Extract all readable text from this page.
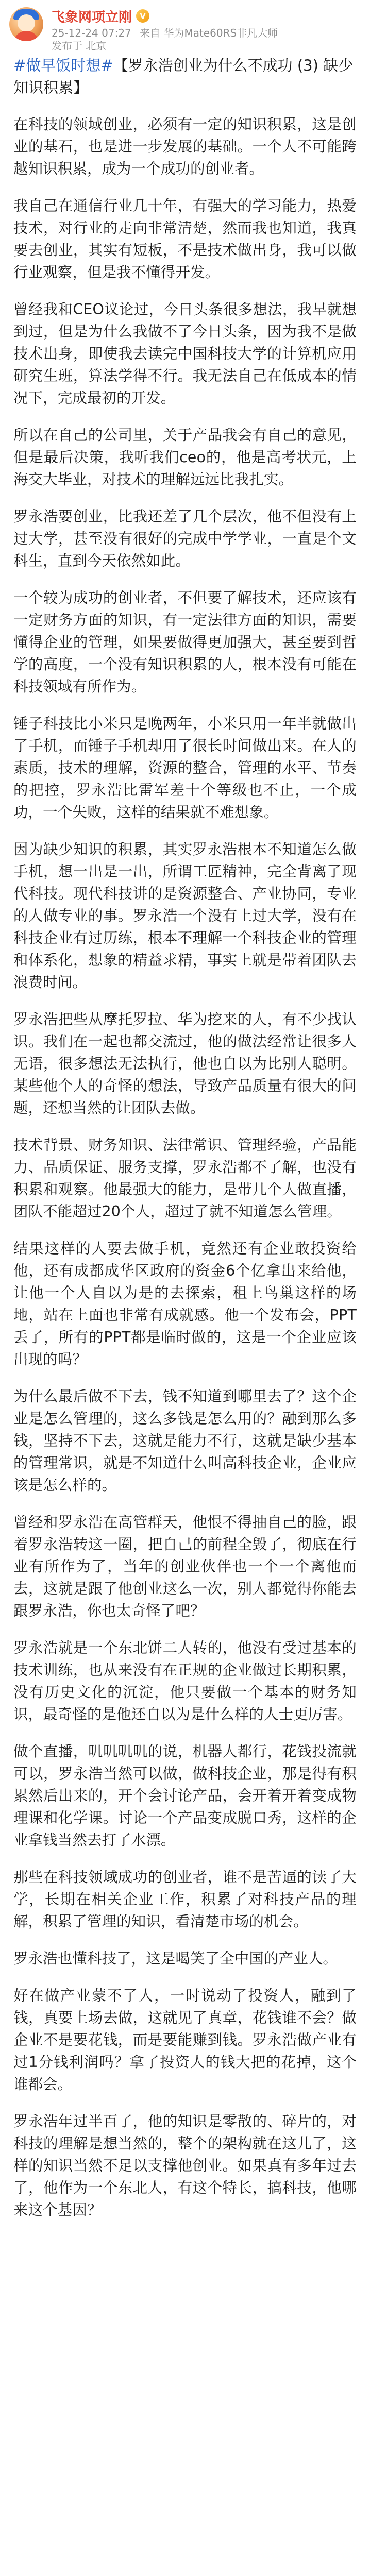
飞象网项立刚	V
25-12-24 07:27 来自 华为Mate60RS非凡大师
发布于 北京

#做早饭时想#【罗永浩创业为什么不成功 (3) 缺少知识积累】

在科技的领域创业，必须有一定的知识积累，这是创业的基石，也是进一步发展的基础。一个人不可能跨越知识积累，成为一个成功的创业者。

我自己在通信行业几十年，有强大的学习能力，热爱技术，对行业的走向非常清楚，然而我也知道，我真要去创业，其实有短板，不是技术做出身，我可以做行业观察，但是我不懂得开发。

曾经我和CEO议论过，今日头条很多想法，我早就想到过，但是为什么我做不了今日头条，因为我不是做技术出身，即使我去读完中国科技大学的计算机应用研究生班，算法学得不行。我无法自己在低成本的情况下，完成最初的开发。

所以在自己的公司里，关于产品我会有自己的意见，但是最后决策，我听我们ceo的，他是高考状元，上海交大毕业，对技术的理解远远比我扎实。

罗永浩要创业，比我还差了几个层次，他不但没有上过大学，甚至没有很好的完成中学学业，一直是个文科生，直到今天依然如此。

一个较为成功的创业者，不但要了解技术，还应该有一定财务方面的知识，有一定法律方面的知识，需要懂得企业的管理，如果要做得更加强大，甚至要到哲学的高度，一个没有知识积累的人，根本没有可能在科技领域有所作为。

锤子科技比小米只是晚两年，小米只用一年半就做出了手机，而锤子手机却用了很长时间做出来。在人的素质，技术的理解，资源的整合，管理的水平、节奏的把控，罗永浩比雷军差十个等级也不止，一个成功，一个失败，这样的结果就不难想象。

因为缺少知识的积累，其实罗永浩根本不知道怎么做手机，想一出是一出，所谓工匠精神，完全背离了现代科技。现代科技讲的是资源整合、产业协同，专业的人做专业的事。罗永浩一个没有上过大学，没有在科技企业有过历练，根本不理解一个科技企业的管理和体系化，想象的精益求精，事实上就是带着团队去浪费时间。

罗永浩把些从摩托罗拉、华为挖来的人，有不少找认识。我们在一起也都交流过，他的做法经常让很多人无语，很多想法无法执行，他也自以为比别人聪明。某些他个人的奇怪的想法，导致产品质量有很大的问题，还想当然的让团队去做。

技术背景、财务知识、法律常识、管理经验，产品能力、品质保证、服务支撑，罗永浩都不了解，也没有积累和观察。他最强大的能力，是带几个人做直播，团队不能超过20个人，超过了就不知道怎么管理。

结果这样的人要去做手机，竟然还有企业敢投资给他，还有成都成华区政府的资金6个亿拿出来给他，让他一个人自以为是的去探索，租上鸟巢这样的场地，站在上面也非常有成就感。他一个发布会，PPT丢了，所有的PPT都是临时做的，这是一个企业应该出现的吗？

为什么最后做不下去，钱不知道到哪里去了？这个企业是怎么管理的，这么多钱是怎么用的？融到那么多钱，坚持不下去，这就是能力不行，这就是缺少基本的管理常识，就是不知道什么叫高科技企业，企业应该是怎么样的。

曾经和罗永浩在高管群天，他恨不得抽自己的脸，跟着罗永浩转这一圈，把自己的前程全毁了，彻底在行业有所作为了，当年的创业伙伴也一个一个离他而去，这就是跟了他创业这么一次，别人都觉得你能去跟罗永浩，你也太奇怪了吧？

罗永浩就是一个东北饼二人转的，他没有受过基本的技术训练，也从来没有在正规的企业做过长期积累，没有历史文化的沉淀，他只要做一个基本的财务知识，最奇怪的是他还自以为是什么样的人士更厉害。

做个直播，叽叽叽叽的说，机器人都行，花钱投流就可以，罗永浩当然可以做，做科技企业，那是得有积累然后出来的，开个会讨论产品，会开着开着变成物理课和化学课。讨论一个产品变成脱口秀，这样的企业拿钱当然去打了水漂。

那些在科技领域成功的创业者，谁不是苦逼的读了大学，长期在相关企业工作，积累了对科技产品的理解，积累了管理的知识，看清楚市场的机会。

罗永浩也懂科技了，这是喝笑了全中国的产业人。

好在做产业蒙不了人，一时说动了投资人，融到了钱，真要上场去做，这就见了真章，花钱谁不会？做企业不是要花钱，而是要能赚到钱。罗永浩做产业有过1分钱利润吗？拿了投资人的钱大把的花掉，这个谁都会。

罗永浩年过半百了，他的知识是零散的、碎片的，对科技的理解是想当然的，整个的架构就在这儿了，这样的知识当然不足以支撑他创业。如果真有多年过去了，他作为一个东北人，有这个特长，搞科技，他哪来这个基因？
